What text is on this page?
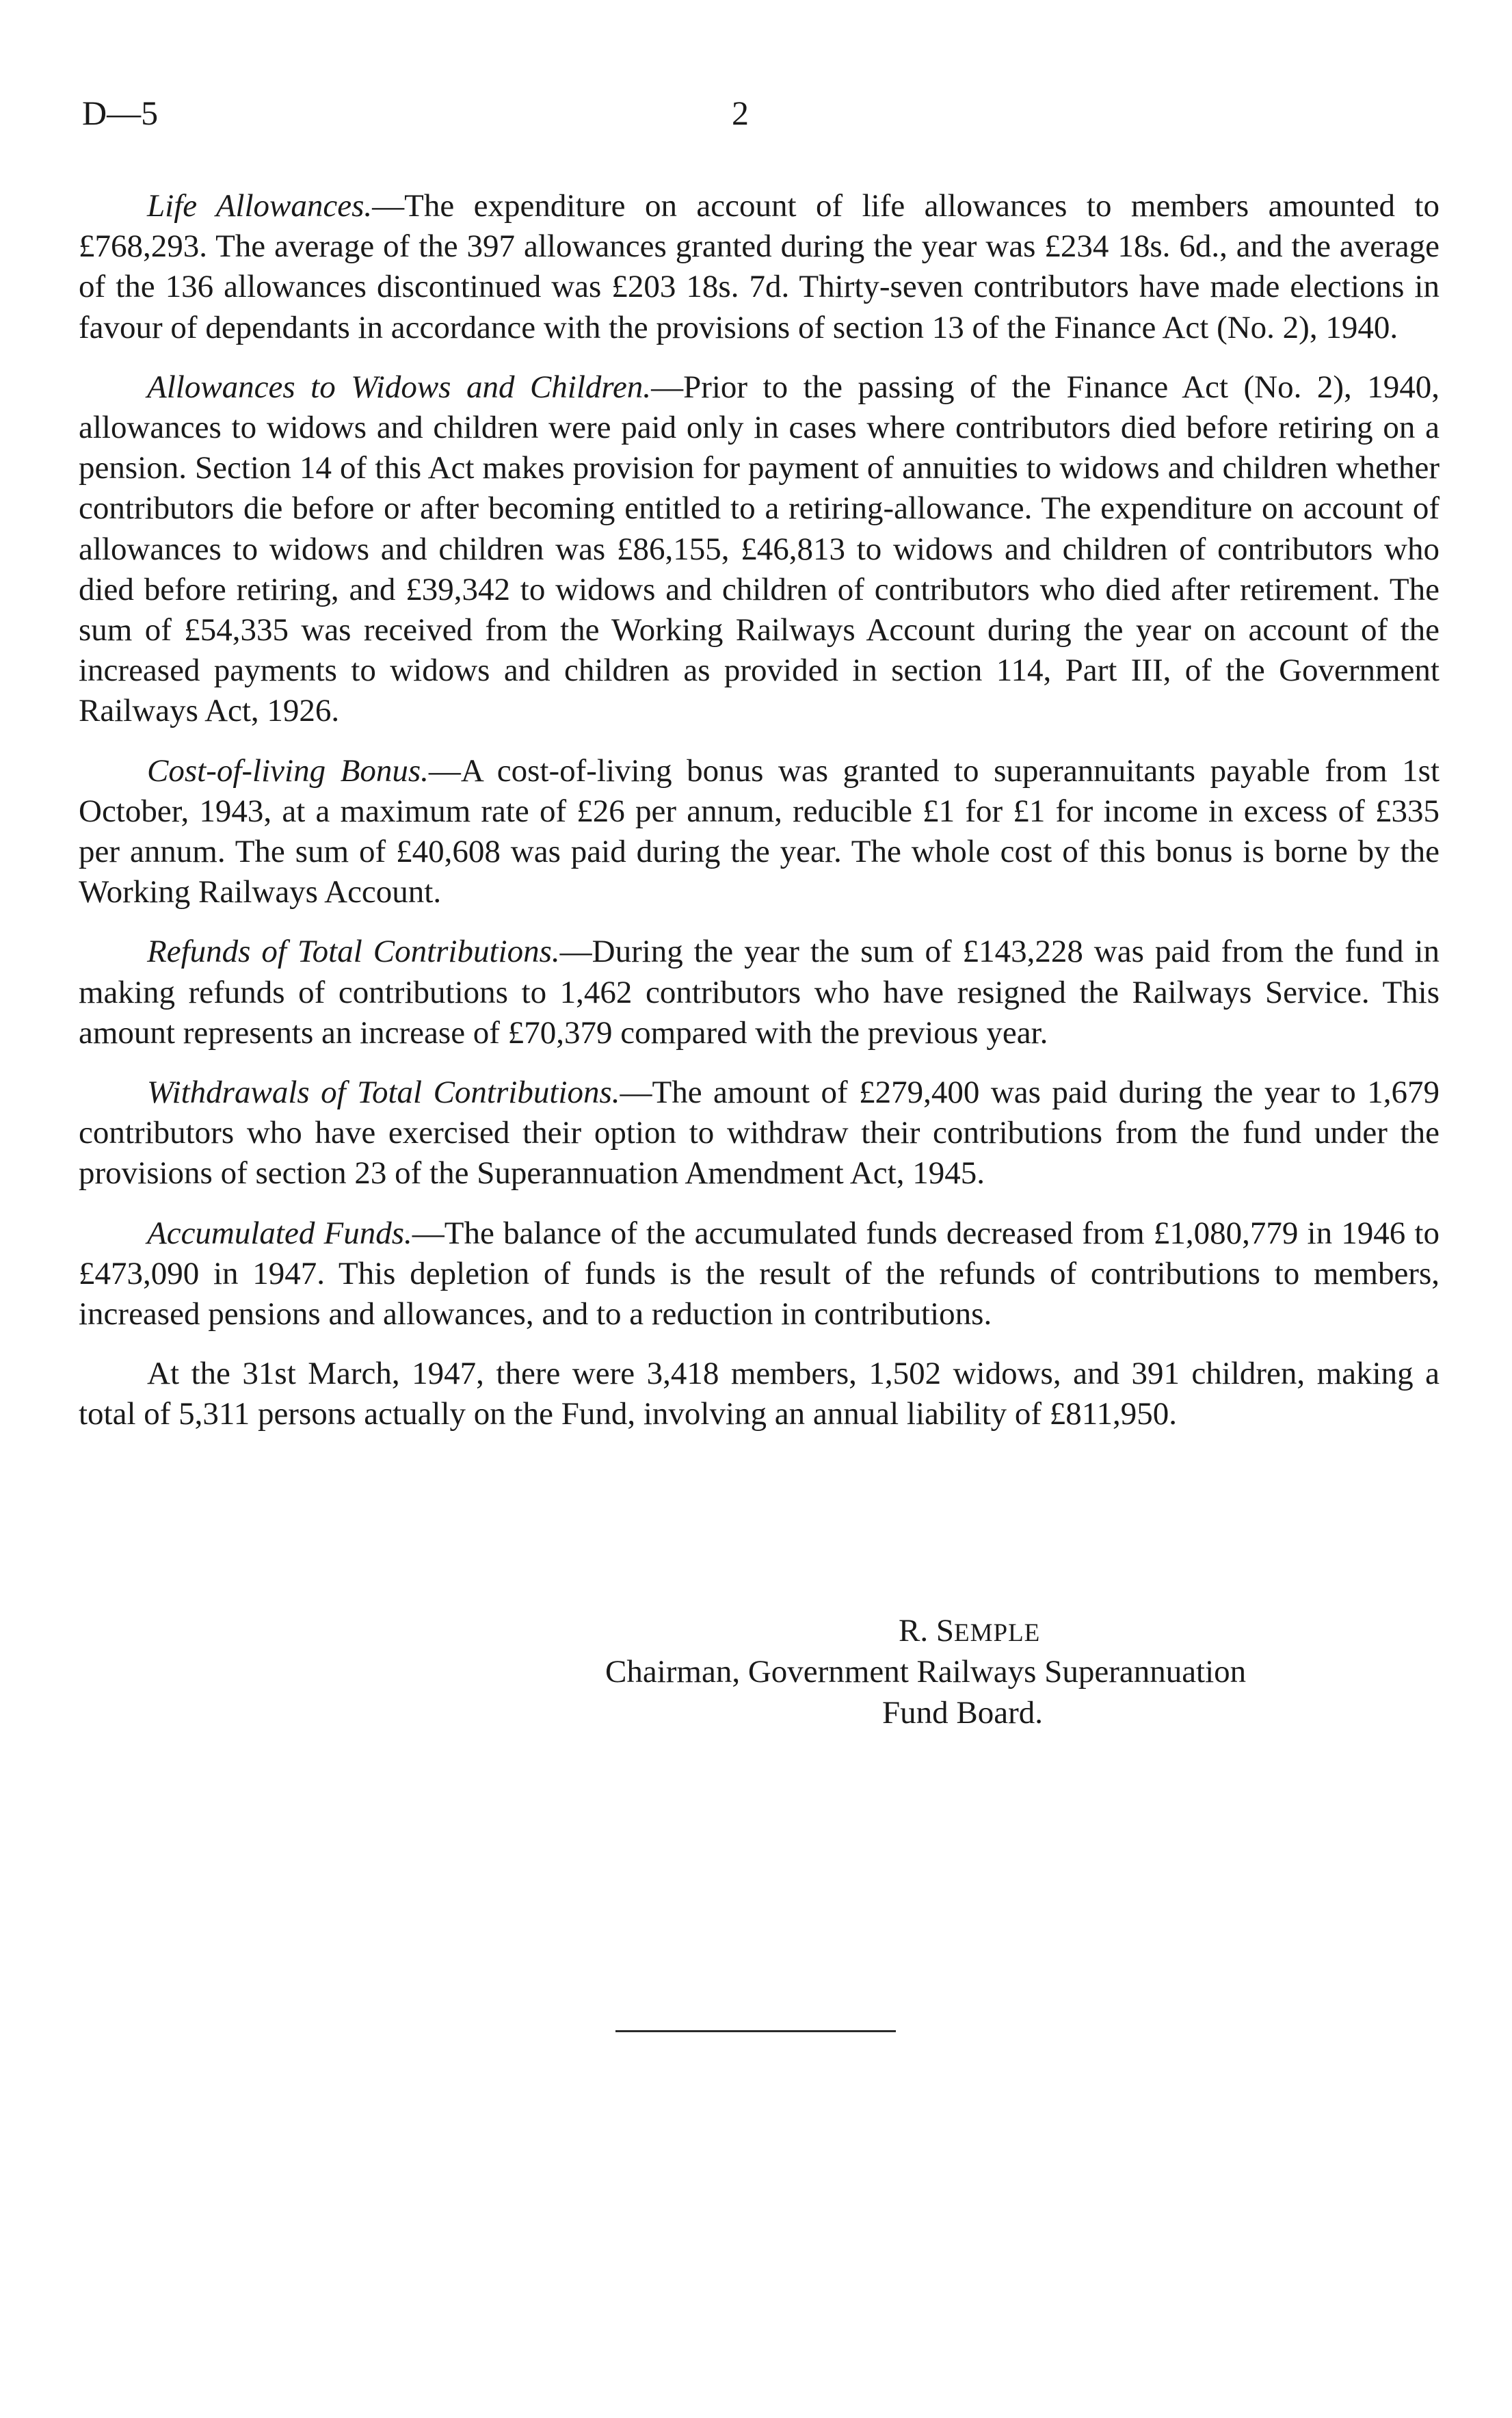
D—5	2

Life Allowances.—The expenditure on account of life allowances to members amounted to £768,293. The average of the 397 allowances granted during the year was £234 18s. 6d., and the average of the 136 allowances discontinued was £203 18s. 7d. Thirty-seven contributors have made elections in favour of dependants in accordance with the provisions of section 13 of the Finance Act (No. 2), 1940.

Allowances to Widows and Children.—Prior to the passing of the Finance Act (No. 2), 1940, allowances to widows and children were paid only in cases where contributors died before retiring on a pension. Section 14 of this Act makes provision for payment of annuities to widows and children whether contributors die before or after becoming entitled to a retiring-allowance. The expenditure on account of allowances to widows and children was £86,155, £46,813 to widows and children of contributors who died before retiring, and £39,342 to widows and children of contributors who died after retirement. The sum of £54,335 was received from the Working Railways Account during the year on account of the increased payments to widows and children as provided in section 114, Part III, of the Government Railways Act, 1926.

Cost-of-living Bonus.—A cost-of-living bonus was granted to superannuitants payable from 1st October, 1943, at a maximum rate of £26 per annum, reducible £1 for £1 for income in excess of £335 per annum. The sum of £40,608 was paid during the year. The whole cost of this bonus is borne by the Working Railways Account.

Refunds of Total Contributions.—During the year the sum of £143,228 was paid from the fund in making refunds of contributions to 1,462 contributors who have resigned the Railways Service. This amount represents an increase of £70,379 compared with the previous year.

Withdrawals of Total Contributions.—The amount of £279,400 was paid during the year to 1,679 contributors who have exercised their option to withdraw their contributions from the fund under the provisions of section 23 of the Superannuation Amendment Act, 1945.

Accumulated Funds.—The balance of the accumulated funds decreased from £1,080,779 in 1946 to £473,090 in 1947. This depletion of funds is the result of the refunds of contributions to members, increased pensions and allowances, and to a reduction in contributions.

At the 31st March, 1947, there were 3,418 members, 1,502 widows, and 391 children, making a total of 5,311 persons actually on the Fund, involving an annual liability of £811,950.

R. SEMPLE
Chairman, Government Railways Superannuation
Fund Board.
